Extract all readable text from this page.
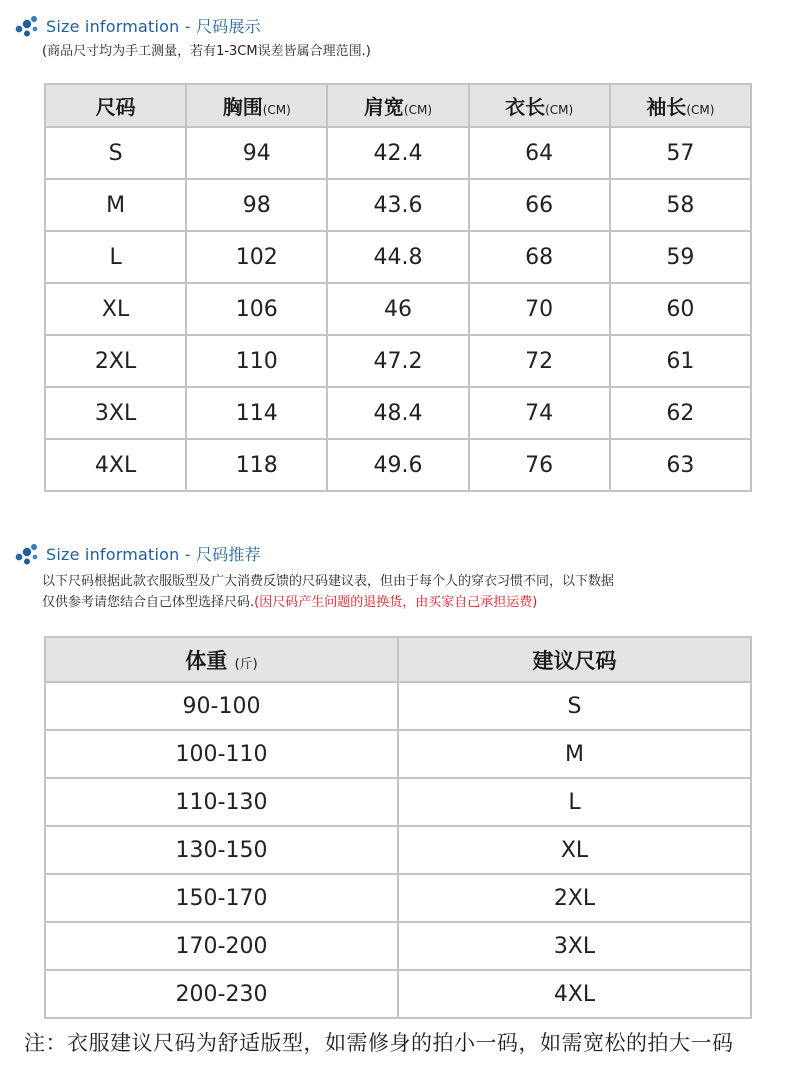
Size information - 尺码展示
(商品尺寸均为手工测量，若有1-3CM误差皆属合理范围.)
尺码	胸围(CM)	肩宽(CM)	衣长(CM)	袖长(CM)
S	94	42.4	64	57
M	98	43.6	66	58
L	102	44.8	68	59
XL	106	46	70	60
2XL	110	47.2	72	61
3XL	114	48.4	74	62
4XL	118	49.6	76	63
Size information - 尺码推荐
以下尺码根据此款衣服版型及广大消费反馈的尺码建议表，但由于每个人的穿衣习惯不同，以下数据
仅供参考请您结合自己体型选择尺码.(因尺码产生问题的退换货，由买家自己承担运费)
体重 (斤)	建议尺码
90-100	S
100-110	M
110-130	L
130-150	XL
150-170	2XL
170-200	3XL
200-230	4XL
注：衣服建议尺码为舒适版型，如需修身的拍小一码，如需宽松的拍大一码
